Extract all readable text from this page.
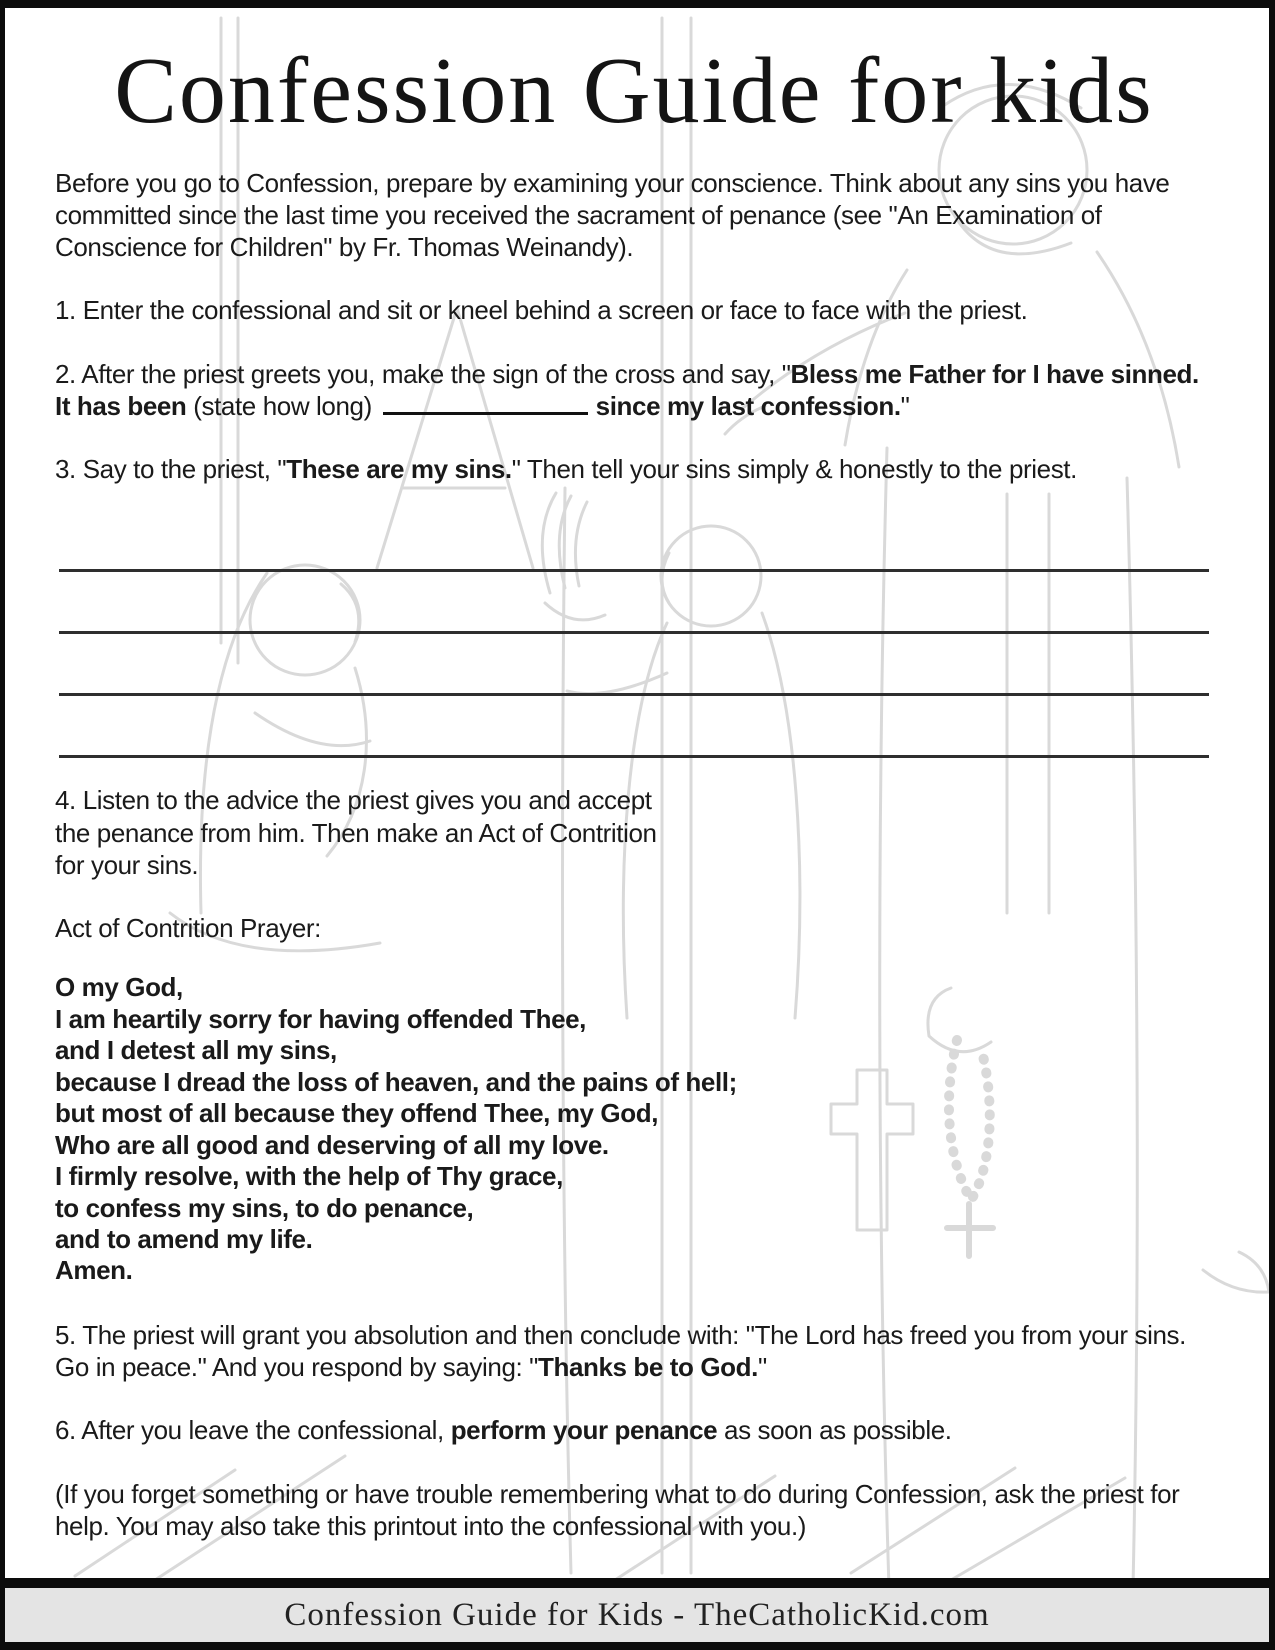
Confession Guide for kids

Before you go to Confession, prepare by examining your conscience. Think about any sins you have committed since the last time you received the sacrament of penance (see "An Examination of Conscience for Children" by Fr. Thomas Weinandy).

1. Enter the confessional and sit or kneel behind a screen or face to face with the priest.

2. After the priest greets you, make the sign of the cross and say, "Bless me Father for I have sinned. It has been (state how long)	since my last confession."

3. Say to the priest, "These are my sins." Then tell your sins simply & honestly to the priest.

4. Listen to the advice the priest gives you and accept the penance from him. Then make an Act of Contrition for your sins.

Act of Contrition Prayer:

O my God,
I am heartily sorry for having offended Thee,
and I detest all my sins,
because I dread the loss of heaven, and the pains of hell;
but most of all because they offend Thee, my God,
Who are all good and deserving of all my love.
I firmly resolve, with the help of Thy grace,
to confess my sins, to do penance,
and to amend my life.
Amen.

5. The priest will grant you absolution and then conclude with: "The Lord has freed you from your sins. Go in peace." And you respond by saying: "Thanks be to God."

6. After you leave the confessional, perform your penance as soon as possible.

(If you forget something or have trouble remembering what to do during Confession, ask the priest for help. You may also take this printout into the confessional with you.)

Confession Guide for Kids - TheCatholicKid.com
